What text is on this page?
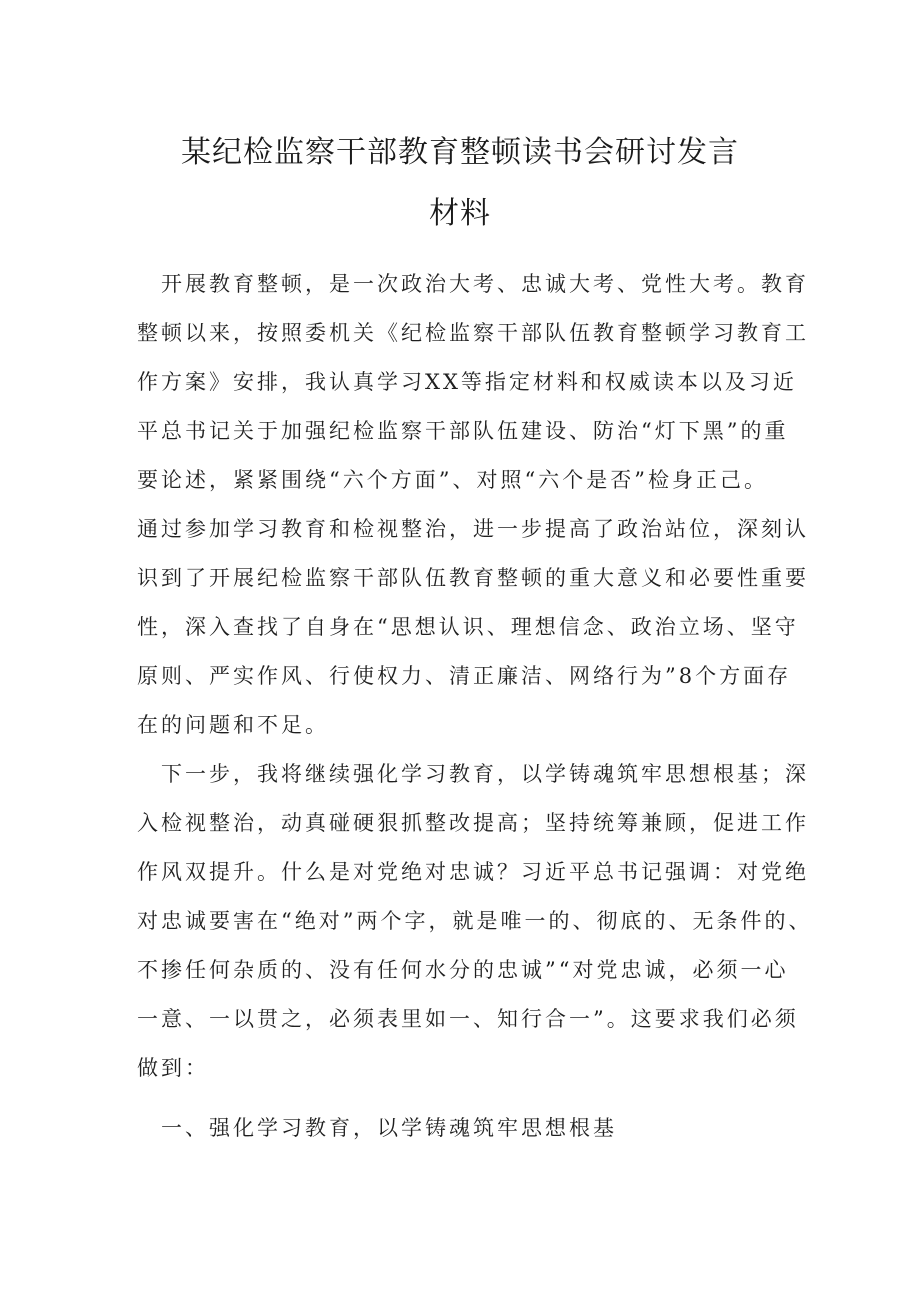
某纪检监察干部教育整顿读书会研讨发言
材料
开展教育整顿，是一次政治大考、忠诚大考、党性大考。教育
整顿以来，按照委机关《纪检监察干部队伍教育整顿学习教育工
作方案》安排，我认真学习XX等指定材料和权威读本以及习近
平总书记关于加强纪检监察干部队伍建设、防治“灯下黑”的重
要论述，紧紧围绕“六个方面”、对照“六个是否”检身正己。
通过参加学习教育和检视整治，进一步提高了政治站位，深刻认
识到了开展纪检监察干部队伍教育整顿的重大意义和必要性重要
性，深入查找了自身在“思想认识、理想信念、政治立场、坚守
原则、严实作风、行使权力、清正廉洁、网络行为”8个方面存
在的问题和不足。
下一步，我将继续强化学习教育，以学铸魂筑牢思想根基；深
入检视整治，动真碰硬狠抓整改提高；坚持统筹兼顾，促进工作
作风双提升。什么是对党绝对忠诚？习近平总书记强调：对党绝
对忠诚要害在“绝对”两个字，就是唯一的、彻底的、无条件的、
不掺任何杂质的、没有任何水分的忠诚”“对党忠诚，必须一心
一意、一以贯之，必须表里如一、知行合一”。这要求我们必须
做到：
一、强化学习教育，以学铸魂筑牢思想根基
